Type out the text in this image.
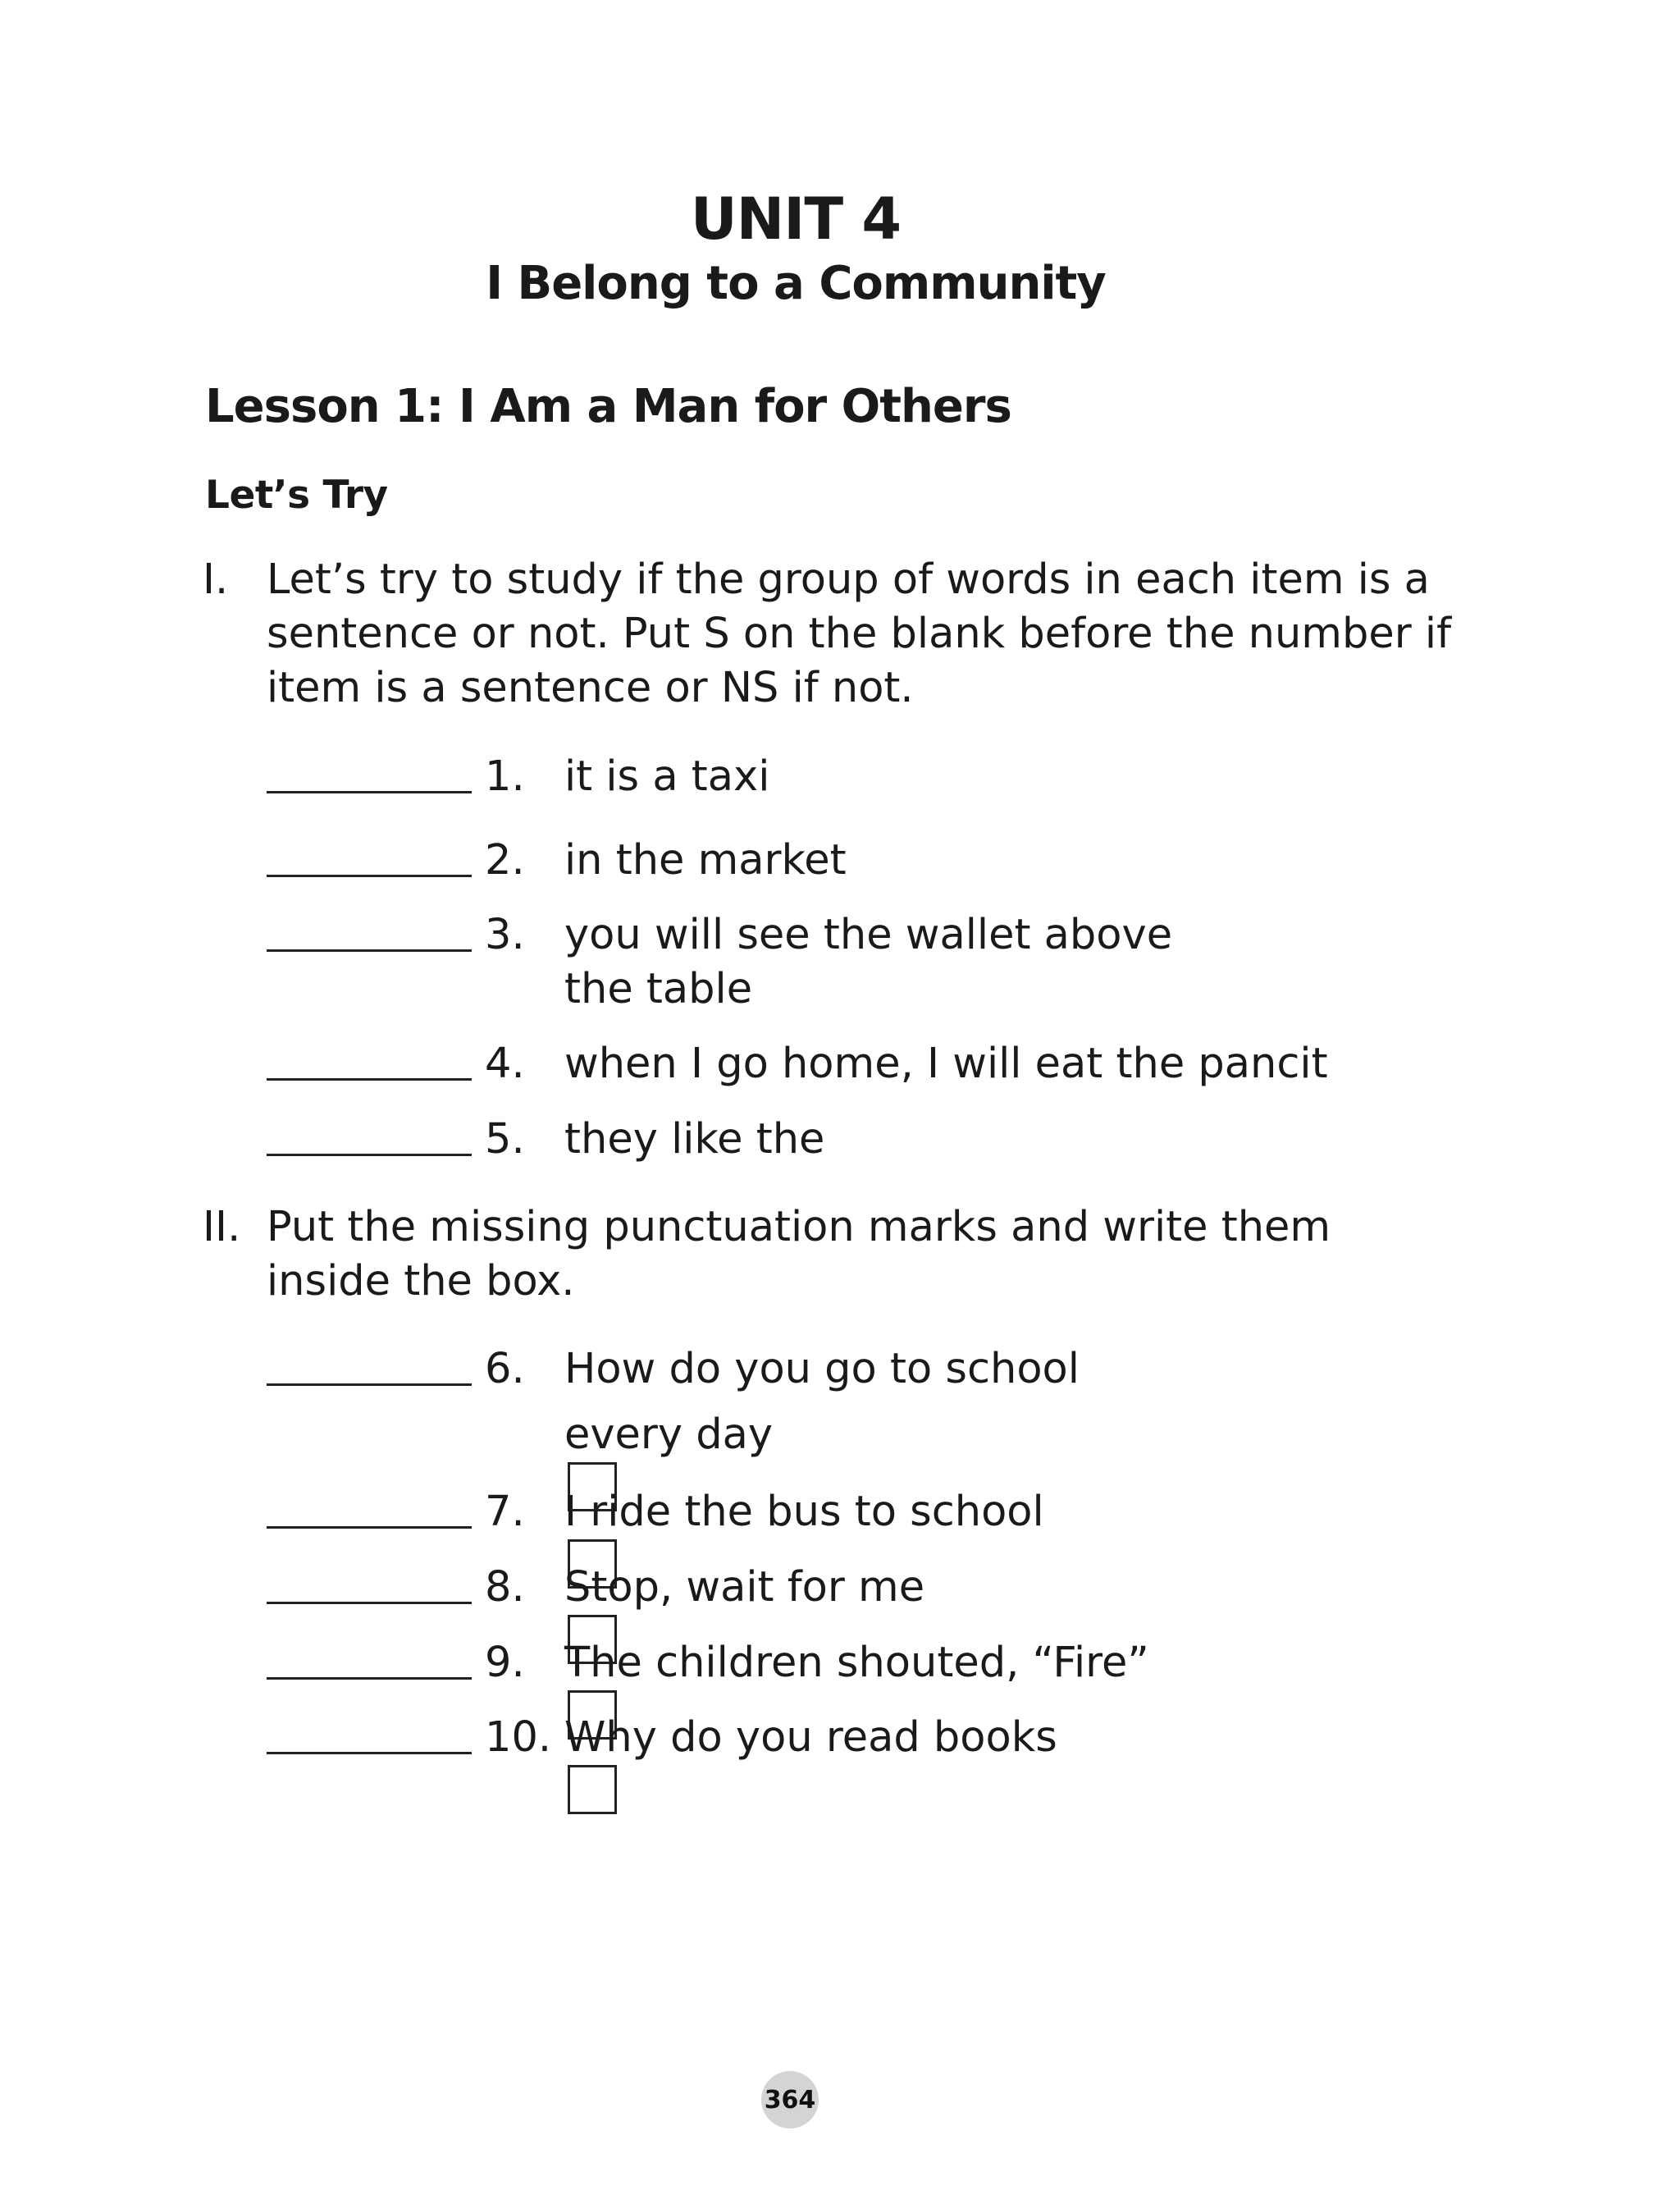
UNIT 4
I Belong to a Community
Lesson 1: I Am a Man for Others
Let’s Try
I. Let’s try to study if the group of words in each item is a sentence or not. Put S on the blank before the number if item is a sentence or NS if not.
1. it is a taxi
2. in the market
3. you will see the wallet above
the table
4. when I go home, I will eat the pancit
5. they like the
II. Put the missing punctuation marks and write them inside the box.
6. How do you go to school
every day
7. I ride the bus to school
8. Stop, wait for me
9. The children shouted, “Fire”
10. Why do you read books
364
